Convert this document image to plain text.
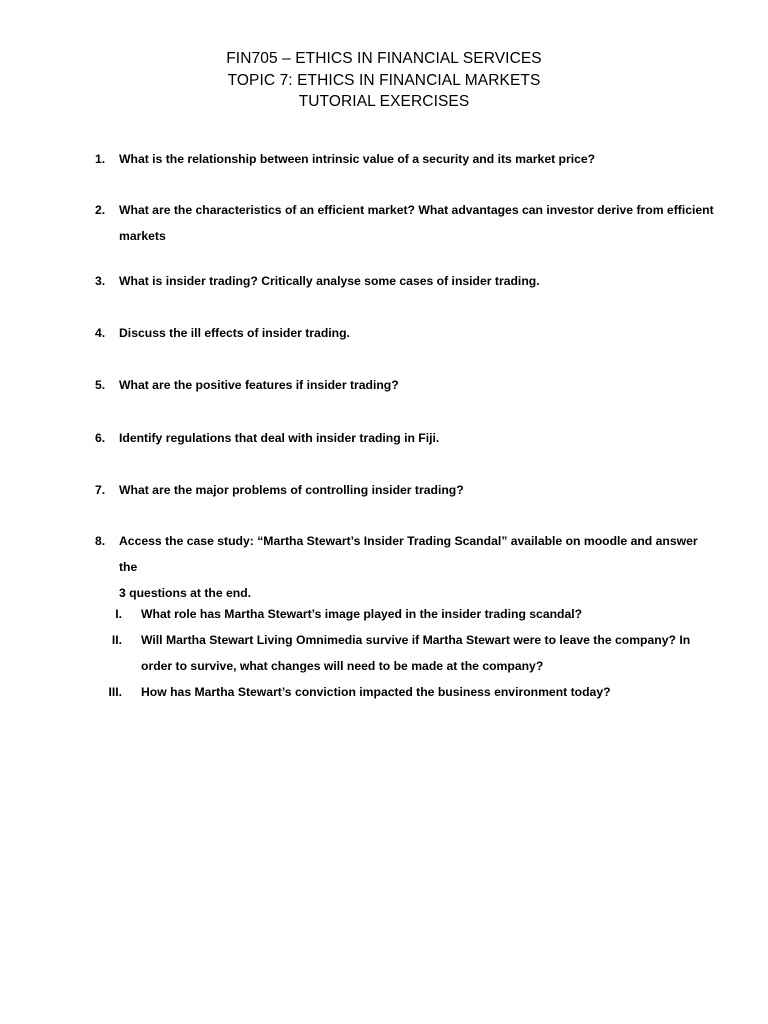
FIN705 – ETHICS IN FINANCIAL SERVICES
TOPIC 7: ETHICS IN FINANCIAL MARKETS
TUTORIAL EXERCISES
1.	What is the relationship between intrinsic value of a security and its market price?
2.	What are the characteristics of an efficient market? What advantages can investor derive from efficient
markets
3.	What is insider trading? Critically analyse some cases of insider trading.
4.	Discuss the ill effects of insider trading.
5.	What are the positive features if insider trading?
6.	Identify regulations that deal with insider trading in Fiji.
7.	What are the major problems of controlling insider trading?
8.	Access the case study: “Martha Stewart’s Insider Trading Scandal” available on moodle and answer the
3 questions at the end.
I. What role has Martha Stewart’s image played in the insider trading scandal?
II. Will Martha Stewart Living Omnimedia survive if Martha Stewart were to leave the company? In
order to survive, what changes will need to be made at the company?
III. How has Martha Stewart’s conviction impacted the business environment today?
